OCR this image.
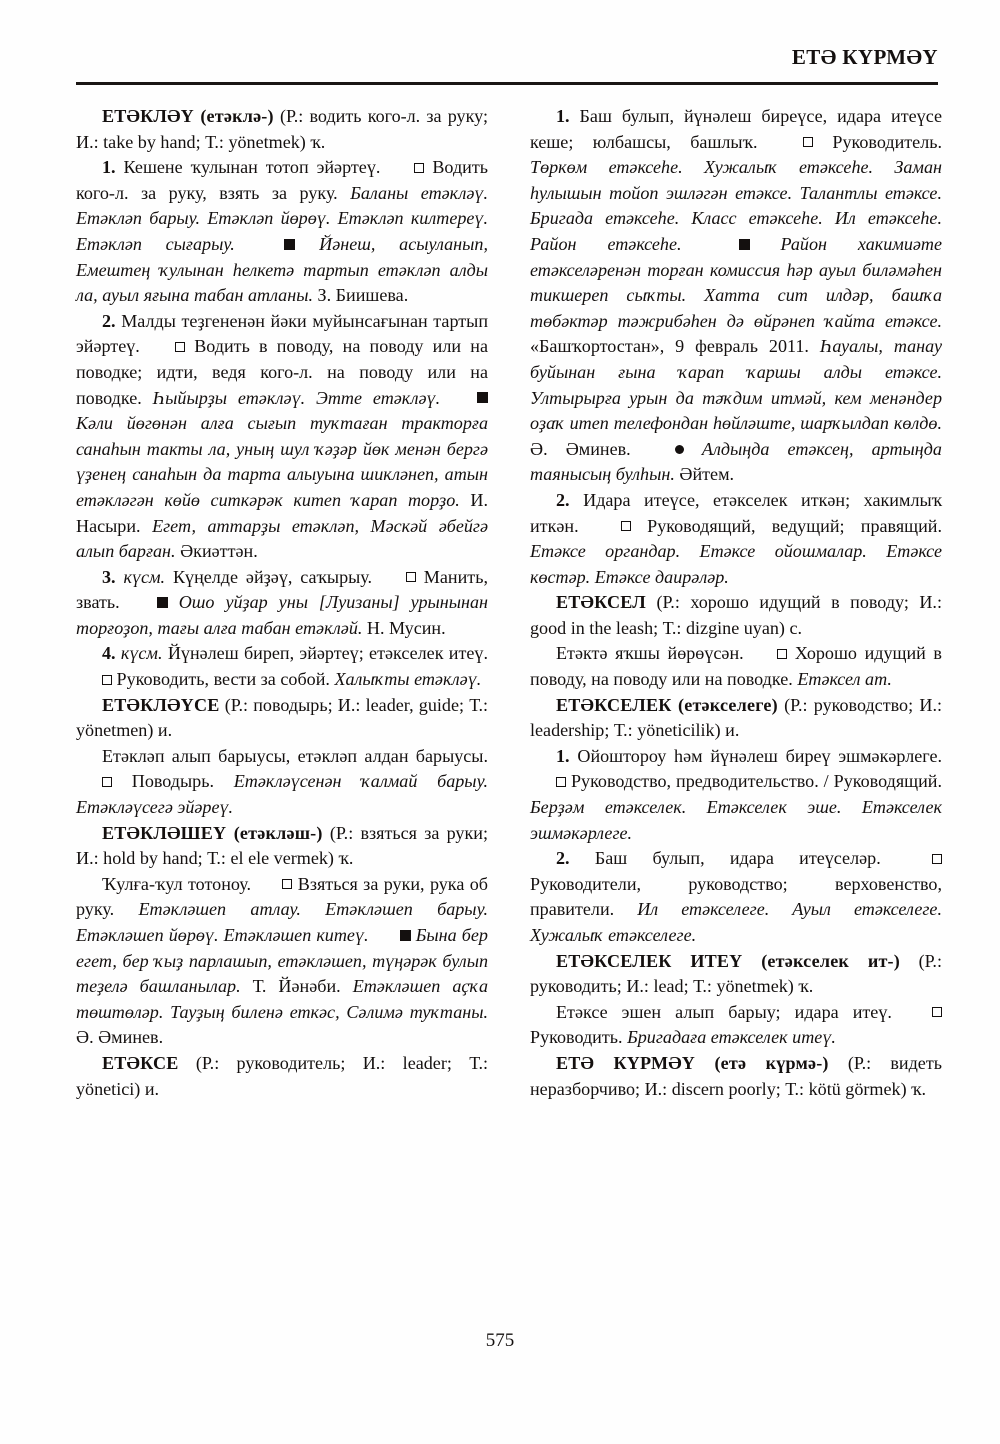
ЕТӘ КҮРМӘҮ

ЕТӘКЛӘҮ (етәклә-) (Р.: водить кого-л. за руку; И.: take by hand; Т.: yönetmek) ҡ.

1. Кешене ҡулынан тотоп эйәртеү.	Водить кого-л. за руку, взять за руку. Баланы етәкләү. Етәкләп барыу. Етәкләп йөрөү. Етәкләп килтереү. Етәкләп сығарыу.	Йәнеш, асыуланып, Емештең ҡулынан һелкетә тартып етәкләп алды ла, ауыл яғына табан атланы. З. Биишева.

2. Малды теҙгененән йәки муйынсағынан тартып эйәртеү.	Водить в поводу, на поводу или на поводке; идти, ведя кого-л. на поводу или на поводке. Һыйырҙы етәкләү. Этте етәкләү.  Кәли йөгөнән алға сығып туҡтаған тракторға санаһын такты ла, уның шул ҡәҙәр йөк менән бергә үҙенең санаһын да тарта алыуына шикләнеп, атын етәкләгән көйө ситкәрәк китеп ҡарап торҙо. И. Насыри. Егет, аттарҙы етәкләп, Мәскәй әбейгә алып барған. Әкиәттән.

3. күсм. Күңелде әйҙәү, саҡырыу.	Манить, звать.	Ошо уйҙар уны [Луизаны] урынынан торғоҙоп, тағы алға табан етәкләй. Н. Мусин.

4. күсм. Йүнәлеш биреп, эйәртеү; етәкселек итеү.  Руководить, вести за собой. Халыҡты етәкләү.

ЕТӘКЛӘҮСЕ (Р.: поводырь; И.: leader, guide; Т.: yönetmen) и.

Етәкләп алып барыусы, етәкләп алдан барыусы.  Поводырь. Етәкләүсенән ҡалмай барыу. Етәкләүсегә эйәреү.

ЕТӘКЛӘШЕҮ (етәкләш-) (Р.: взяться за руки; И.: hold by hand; Т.: el ele vermek) ҡ.

Ҡулға-ҡул тотоноу.	Взяться за руки, рука об руку. Етәкләшеп атлау. Етәкләшеп барыу. Етәкләшеп йөрөү. Етәкләшеп китеү.	Бына бер егет, бер ҡыҙ парлашып, етәкләшеп, түңәрәк булып теҙелә башланылар. Т. Йәнәби. Етәкләшеп аҫҡа төштөләр. Тауҙың биленә еткәс, Сәлимә туҡтаны. Ә. Әминев.

ЕТӘКСЕ (Р.: руководитель; И.: leader; Т.: yönetici) и.

1. Баш булып, йүнәлеш биреүсе, идара итеүсе кеше; юлбашсы, башлыҡ.	Руководитель. Төркөм етәксеһе. Хужалыҡ етәксеһе. Заман һулышын тойоп эшләгән етәксе. Талантлы етәксе. Бригада етәксеһе. Класс етәксеһе. Ил етәксеһе. Район етәксеһе.	Район хакимиәте етәкселәренән торған комиссия һәр ауыл биләмәһен тикшереп сыҡты. Хатта сит илдәр, башҡа төбәктәр тәжрибәһен дә өйрәнеп ҡайта етәксе. «Башҡортостан», 9 февраль 2011. Һауалы, танау буйынан ғына ҡарап ҡаршы алды етәксе. Ултырырға урын да тәҡдим итмәй, кем менәндер оҙаҡ итеп телефондан һөйләште, шарҡылдап көлдө. Ә. Әминев.	Алдыңда етәксең, артыңда таянысың булһын. Әйтем.

2. Идара итеүсе, етәкселек иткән; хакимлыҡ иткән.	Руководящий, ведущий; правящий. Етәксе органдар. Етәксе ойошмалар. Етәксе көстәр. Етәксе даирәләр.

ЕТӘКСЕЛ (Р.: хорошо идущий в поводу; И.: good in the leash; Т.: dizgine uyan) с.

Етәктә яҡшы йөрөүсән.	Хорошо идущий в поводу, на поводу или на поводке. Етәксел ат.

ЕТӘКСЕЛЕК (етәкселеге) (Р.: руководство; И.: leadership; Т.: yöneticilik) и.

1. Ойоштороу һәм йүнәлеш биреү эшмәкәрлеге.  Руководство, предводительство. / Руководящий. Берҙәм етәкселек. Етәкселек эше. Етәкселек эшмәкәрлеге.

2. Баш булып, идара итеүселәр.  Руководители, руководство; верховенство, правители. Ил етәкселеге. Ауыл етәкселеге. Хужалыҡ етәкселеге.

ЕТӘКСЕЛЕК ИТЕҮ (етәкселек ит-) (Р.: руководить; И.: lead; Т.: yönetmek) ҡ.

Етәксе эшен алып барыу; идара итеү.  Руководить. Бригадаға етәкселек итеү.

ЕТӘ КҮРМӘҮ (етә күрмә-) (Р.: видеть неразборчиво; И.: discern poorly; Т.: kötü görmek) ҡ.

575
